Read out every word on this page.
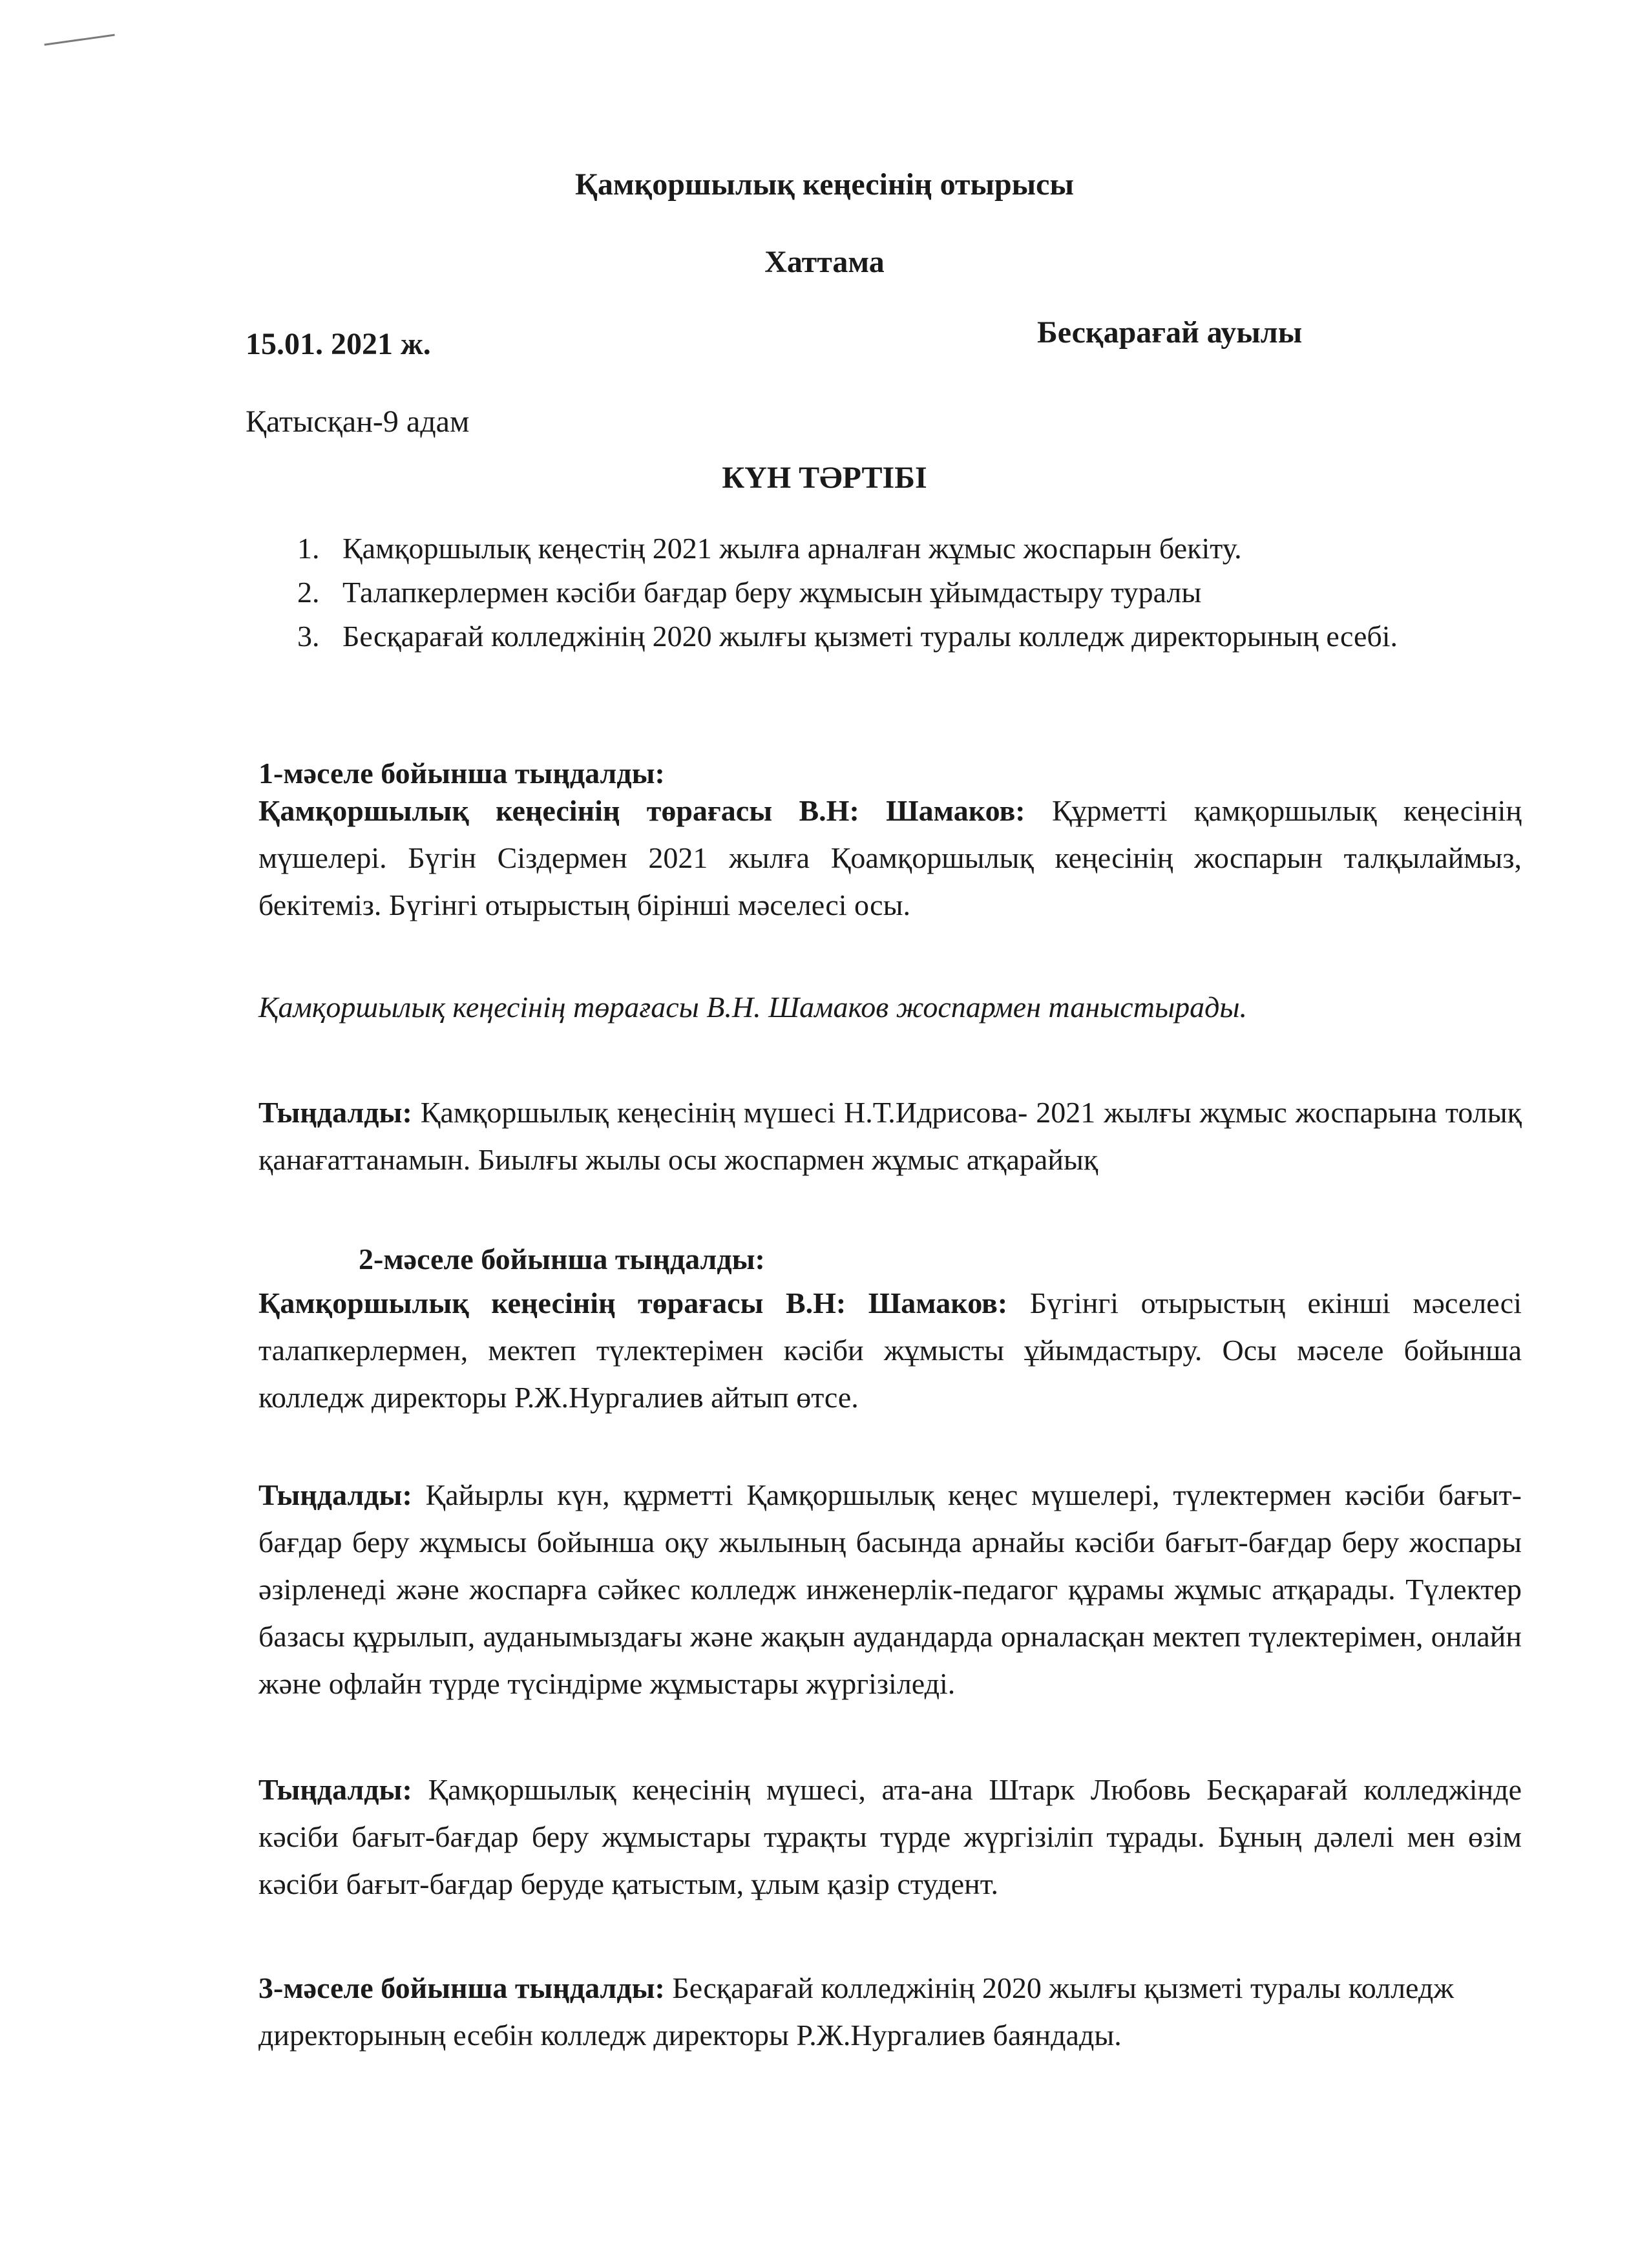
Қамқоршылық кеңесінің отырысы
Хаттама
15.01. 2021 ж.	Бесқарағай ауылы
Қатысқан-9 адам
КҮН ТӘРТІБІ
1. Қамқоршылық кеңестің 2021 жылға арналған жұмыс жоспарын бекіту.
2. Талапкерлермен кәсіби бағдар беру жұмысын ұйымдастыру туралы
3. Бесқарағай колледжінің 2020 жылғы қызметі туралы колледж директорының есебі.
1-мәселе бойынша тыңдалды:
Қамқоршылық кеңесінің төрағасы В.Н: Шамаков: Құрметті қамқоршылық кеңесінің мүшелері. Бүгін Сіздермен 2021 жылға Қоамқоршылық кеңесінің жоспарын талқылаймыз, бекітеміз. Бүгінгі отырыстың бірінші мәселесі осы.
Қамқоршылық кеңесінің төрағасы В.Н. Шамаков жоспармен таныстырады.
Тыңдалды: Қамқоршылық кеңесінің мүшесі Н.Т.Идрисова- 2021 жылғы жұмыс жоспарына толық қанағаттанамын. Биылғы жылы осы жоспармен жұмыс атқарайық
2-мәселе бойынша тыңдалды:
Қамқоршылық кеңесінің төрағасы В.Н: Шамаков: Бүгінгі отырыстың екінші мәселесі талапкерлермен, мектеп түлектерімен кәсіби жұмысты ұйымдастыру. Осы мәселе бойынша колледж директоры Р.Ж.Нургалиев айтып өтсе.
Тыңдалды: Қайырлы күн, құрметті Қамқоршылық кеңес мүшелері, түлектермен кәсіби бағыт-бағдар беру жұмысы бойынша оқу жылының басында арнайы кәсіби бағыт-бағдар беру жоспары әзірленеді және жоспарға сәйкес колледж инженерлік-педагог құрамы жұмыс атқарады. Түлектер базасы құрылып, ауданымыздағы және жақын аудандарда орналасқан мектеп түлектерімен, онлайн және офлайн түрде түсіндірме жұмыстары жүргізіледі.
Тыңдалды: Қамқоршылық кеңесінің мүшесі, ата-ана Штарк Любовь Бесқарағай колледжінде кәсіби бағыт-бағдар беру жұмыстары тұрақты түрде жүргізіліп тұрады. Бұның дәлелі мен өзім кәсіби бағыт-бағдар беруде қатыстым, ұлым қазір студент.
3-мәселе бойынша тыңдалды: Бесқарағай колледжінің 2020 жылғы қызметі туралы колледж директорының есебін колледж директоры Р.Ж.Нургалиев баяндады.
